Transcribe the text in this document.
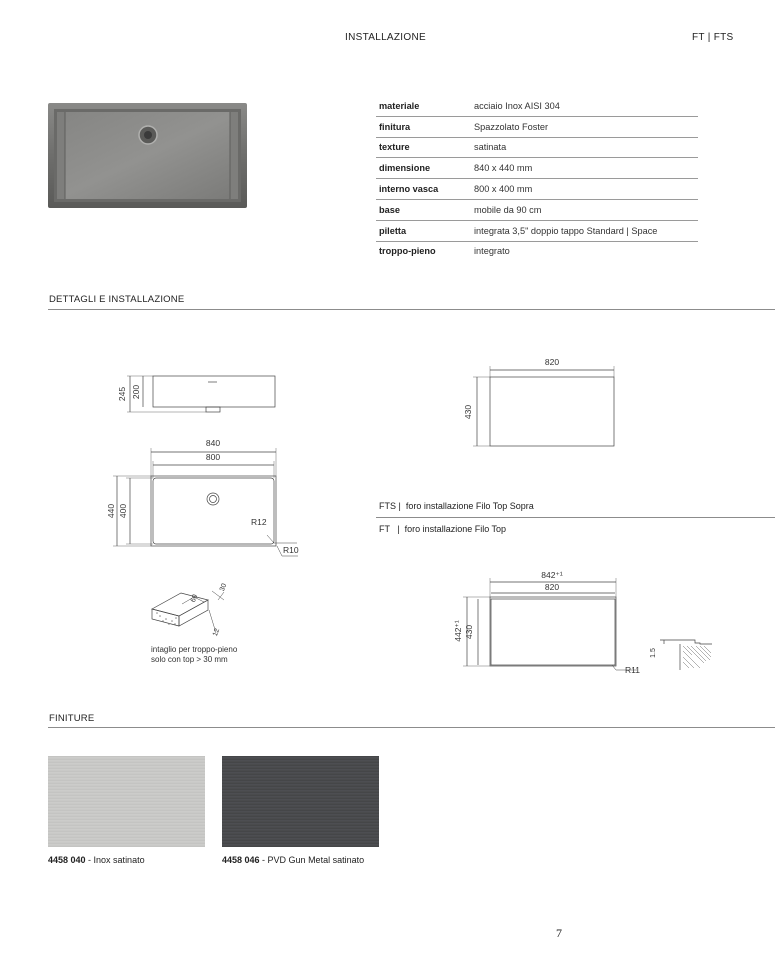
INSTALLAZIONE	FT | FTS
materiale	acciaio Inox AISI 304
finitura	Spazzolato Foster
texture	satinata
dimensione	840 x 440 mm
interno vasca	800 x 400 mm
base	mobile da 90 cm
piletta	integrata 3,5" doppio tappo Standard | Space
troppo-pieno	integrato
DETTAGLI E INSTALLAZIONE
245 200
840
800
440 400
R12
R10
820
430
30
60
12
842⁺¹
820
442⁺¹ 430
R11
1.5
intaglio per troppo-pieno
solo con top > 30 mm
FTS |  foro installazione Filo Top Sopra
FT   |  foro installazione Filo Top
FINITURE
4458 040 - Inox satinato	4458 046 - PVD Gun Metal satinato
7
